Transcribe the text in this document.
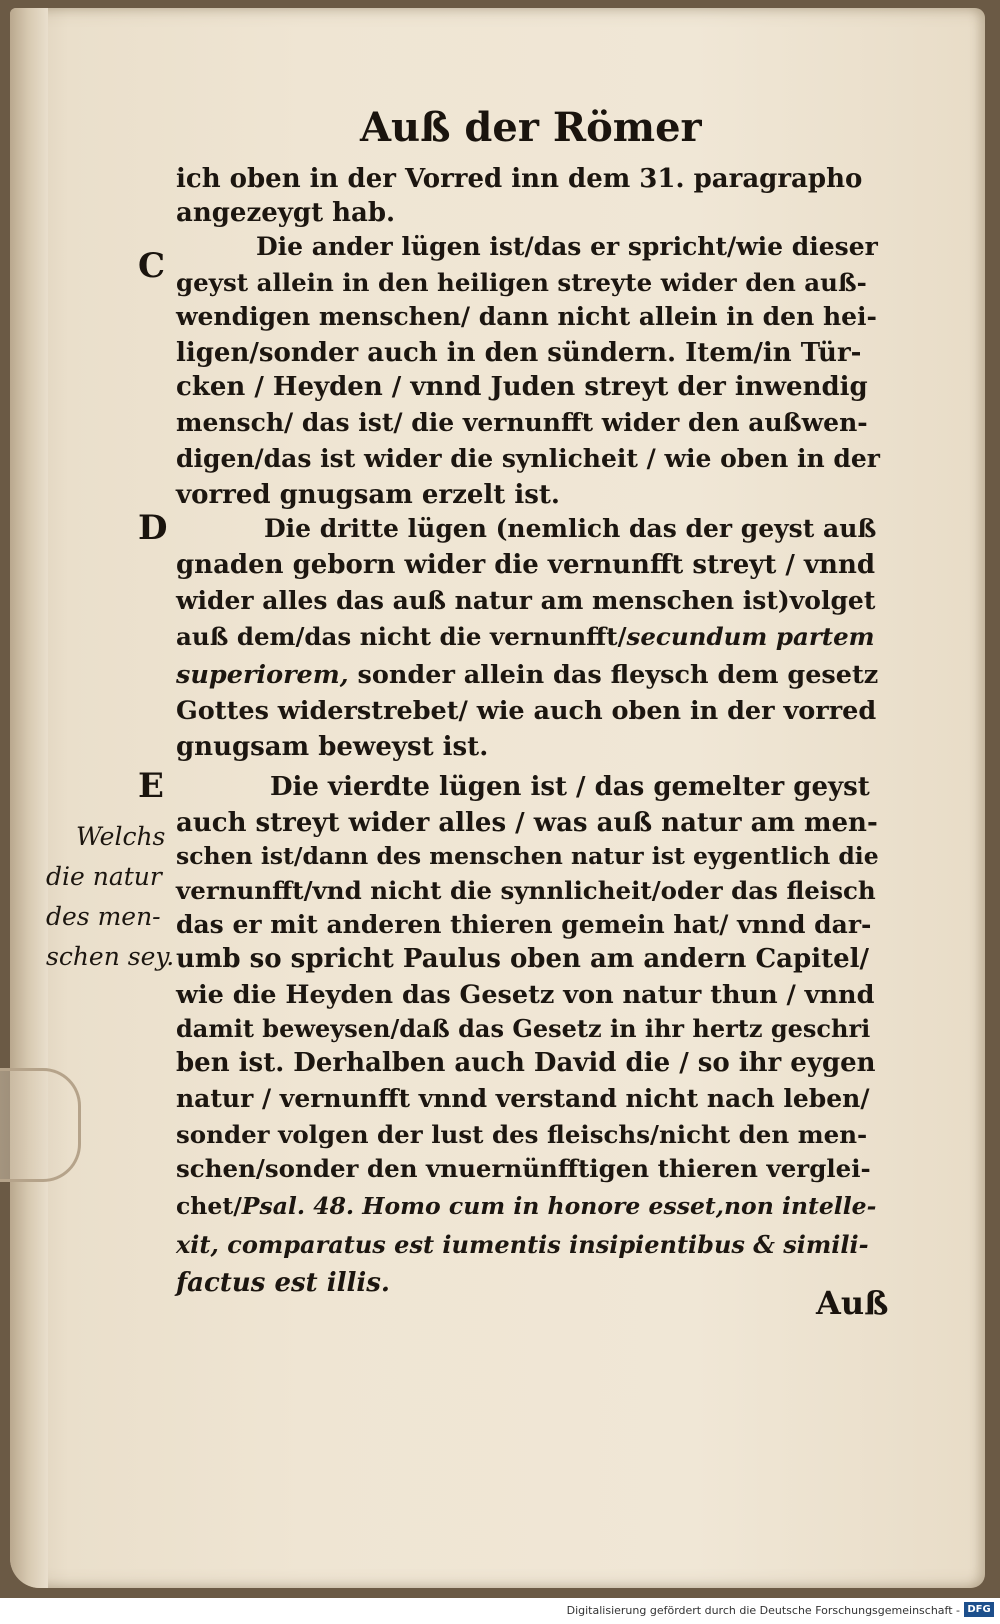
Auß der Römer
C
D
E
Welchs
die natur
des men-
schen sey.
ich oben in der Vorred inn dem 31. paragrapho
angezeygt hab.
Die ander lügen ist/das er spricht/wie dieser
geyst allein in den heiligen streyte wider den auß-
wendigen menschen/ dann nicht allein in den hei-
ligen/sonder auch in den sündern. Item/in Tür-
cken / Heyden / vnnd Juden streyt der inwendig
mensch/ das ist/ die vernunfft wider den außwen-
digen/das ist wider die synlicheit / wie oben in der
vorred gnugsam erzelt ist.
Die dritte lügen (nemlich das der geyst auß
gnaden geborn wider die vernunfft streyt / vnnd
wider alles das auß natur am menschen ist)volget
auß dem/das nicht die vernunfft/secundum partem
superiorem, sonder allein das fleysch dem gesetz
Gottes widerstrebet/ wie auch oben in der vorred
gnugsam beweyst ist.
Die vierdte lügen ist / das gemelter geyst
auch streyt wider alles / was auß natur am men-
schen ist/dann des menschen natur ist eygentlich die
vernunfft/vnd nicht die synnlicheit/oder das fleisch
das er mit anderen thieren gemein hat/ vnnd dar-
umb so spricht Paulus oben am andern Capitel/
wie die Heyden das Gesetz von natur thun / vnnd
damit beweysen/daß das Gesetz in ihr hertz geschri
ben ist. Derhalben auch David die / so ihr eygen
natur / vernunfft vnnd verstand nicht nach leben/
sonder volgen der lust des fleischs/nicht den men-
schen/sonder den vnuernünfftigen thieren verglei-
chet/Psal. 48. Homo cum in honore esset,non intelle-
xit, comparatus est iumentis insipientibus & simili-
factus est illis.
Auß
Digitalisierung gefördert durch die Deutsche Forschungsgemeinschaft - DFG
